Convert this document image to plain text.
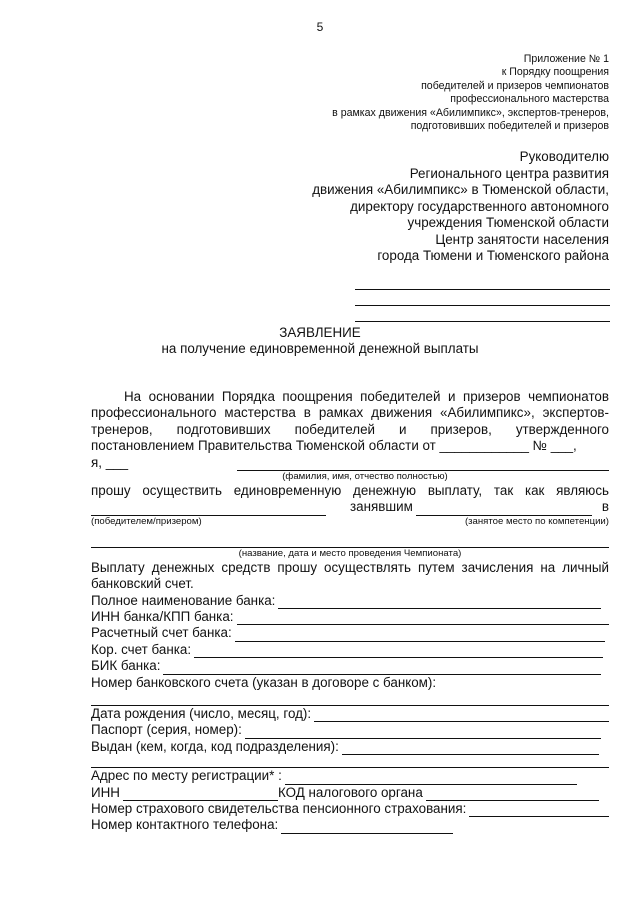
5
Приложение № 1
к Порядку поощрения
победителей и призеров чемпионатов
профессионального мастерства
в рамках движения «Абилимпикс», экспертов-тренеров,
подготовивших победителей и призеров
Руководителю
Регионального центра развития
движения «Абилимпикс» в Тюменской области,
директору государственного автономного
учреждения Тюменской области
Центр занятости населения
города Тюмени и Тюменского района
ЗАЯВЛЕНИЕ
на получение единовременной денежной выплаты

На основании Порядка поощрения победителей и призеров чемпионатов профессионального мастерства в рамках движения «Абилимпикс», экспертов-тренеров, подготовивших победителей и призеров, утвержденного постановлением Правительства Тюменской области от ____________ № ___,

я, ___
(фамилия, имя, отчество полностью)
прошу осуществить единовременную денежную выплату, так как являюсь
занявшим	в
(победителем/призером)	(занятое место по компетенции)
(название, дата и место проведения Чемпионата)
Выплату денежных средств прошу осуществлять путем зачисления на личный
банковский счет.
Полное наименование банка:
ИНН банка/КПП банка:
Расчетный счет банка:
Кор. счет банка:
БИК банка:
Номер банковского счета (указан в договоре с банком):
Дата рождения (число, месяц, год):
Паспорт (серия, номер):
Выдан (кем, когда, код подразделения):
Адрес по месту регистрации* :
ИНН	КОД налогового органа
Номер страхового свидетельства пенсионного страхования:
Номер контактного телефона:
